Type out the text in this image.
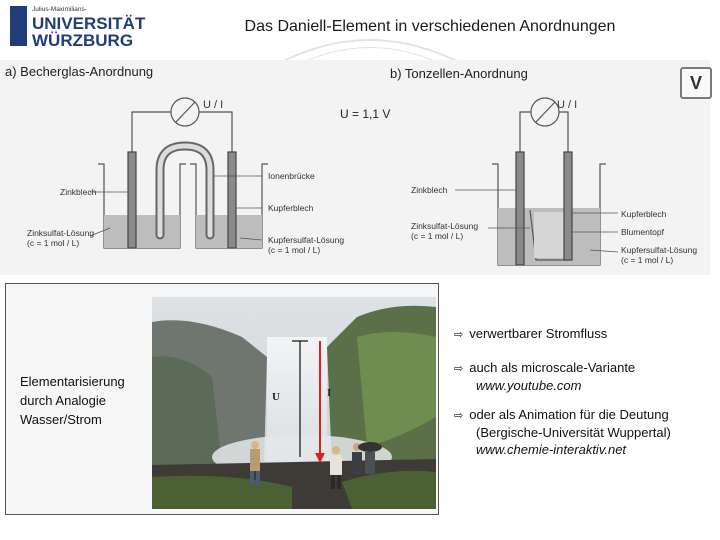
Julius-Maximilians-
UNIVERSITÄT
WÜRZBURG
Das Daniell-Element in verschiedenen Anordnungen
a) Becherglas-Anordnung	b) Tonzellen-Anordnung
U = 1,1 V
V
U / I	U / I
Ionenbrücke
Zinkblech
Kupferblech
Zinksulfat-Lösung
(c = 1 mol / L)	Kupfersulfat-Lösung
(c = 1 mol / L)
Zinkblech
Zinksulfat-Lösung
(c = 1 mol / L)
Kupferblech
Blumentopf
Kupfersulfat-Lösung
(c = 1 mol / L)
Elementarisierung
durch Analogie
Wasser/Strom
U	I
⇨ verwertbarer Stromfluss
⇨ auch als microscale-Variante
www.youtube.com
⇨ oder als Animation für die Deutung
(Bergische-Universität Wuppertal)
www.chemie-interaktiv.net
